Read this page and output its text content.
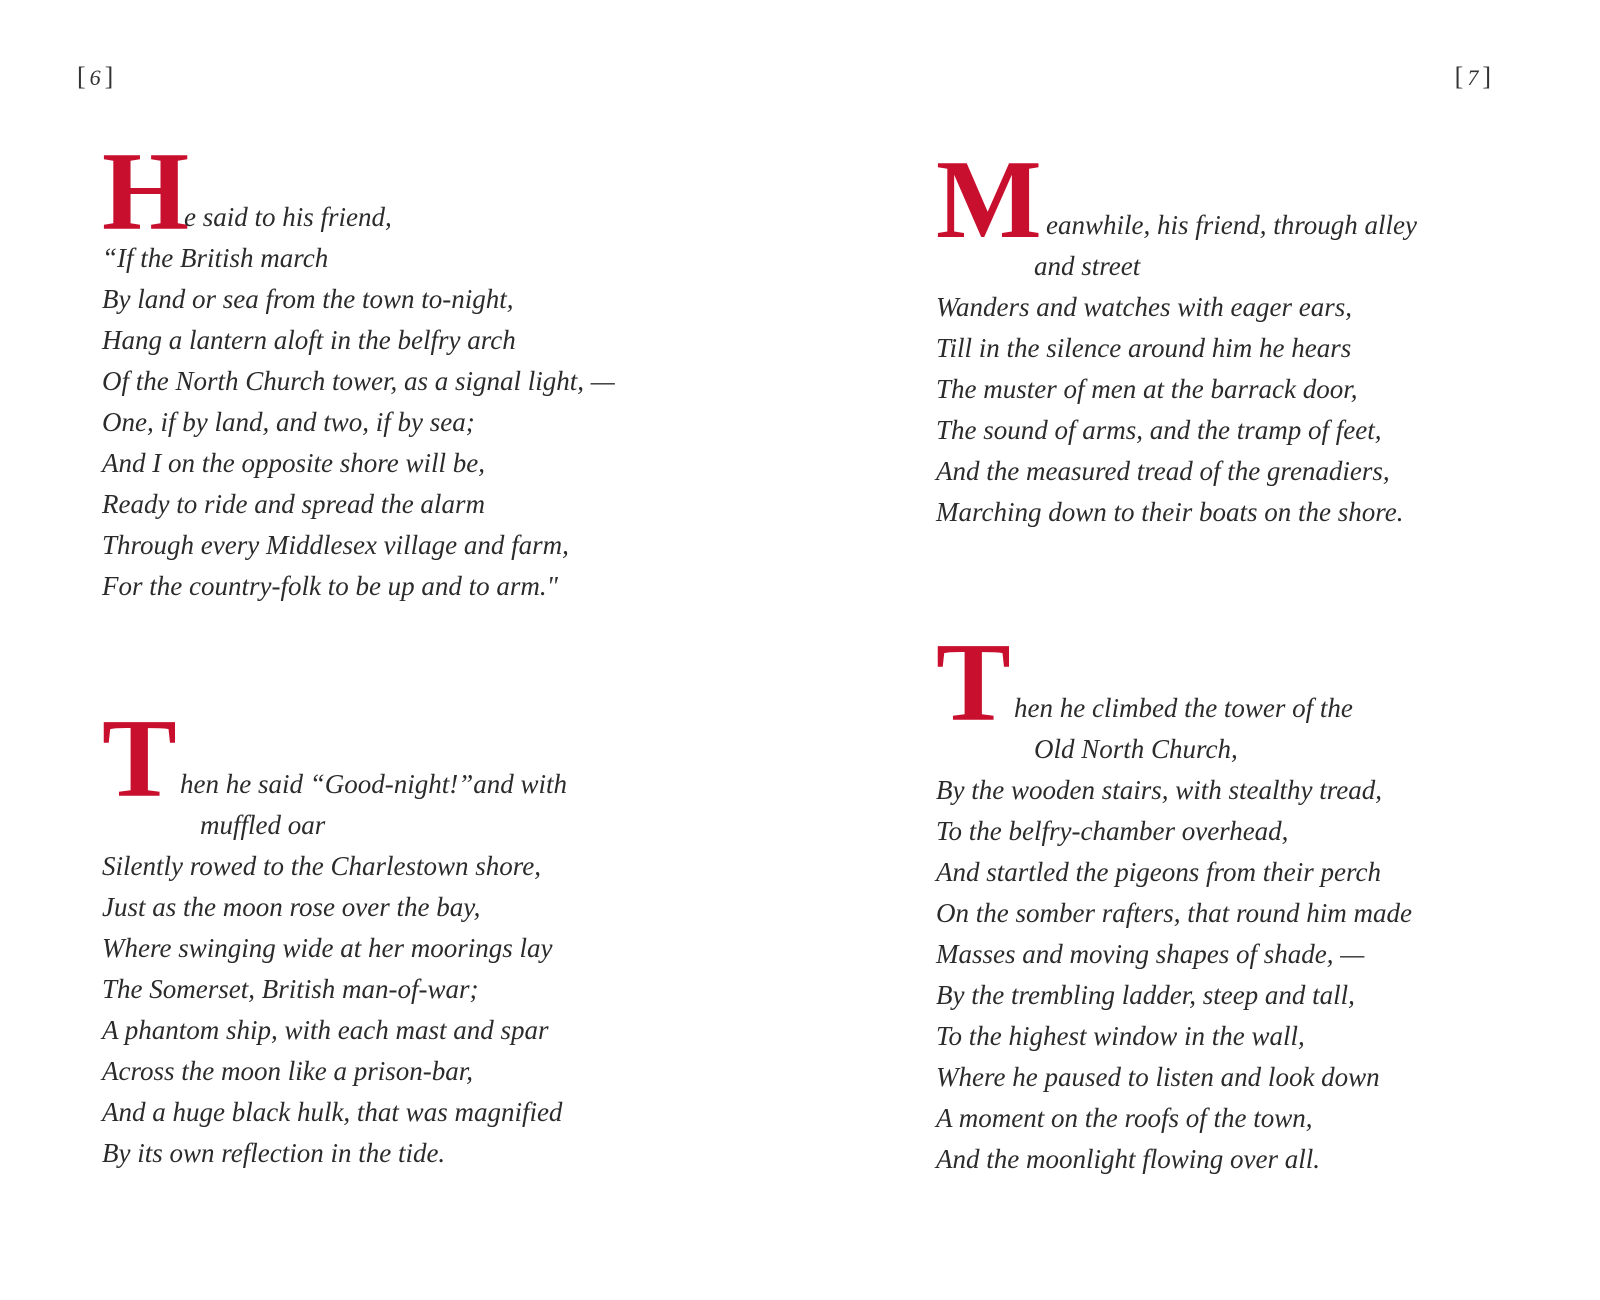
[6]	[7]
H
e said to his friend,
“If the British march
By land or sea from the town to-night,
Hang a lantern aloft in the belfry arch
Of the North Church tower, as a signal light, —
One, if by land, and two, if by sea;
And I on the opposite shore will be,
Ready to ride and spread the alarm
Through every Middlesex village and farm,
For the country-folk to be up and to arm."
T hen he said “Good-night!”and with
muffled oar
Silently rowed to the Charlestown shore,
Just as the moon rose over the bay,
Where swinging wide at her moorings lay
The Somerset, British man-of-war;
A phantom ship, with each mast and spar
Across the moon like a prison-bar,
And a huge black hulk, that was magnified
By its own reflection in the tide.
M eanwhile, his friend, through alley
and street
Wanders and watches with eager ears,
Till in the silence around him he hears
The muster of men at the barrack door,
The sound of arms, and the tramp of feet,
And the measured tread of the grenadiers,
Marching down to their boats on the shore.
T hen he climbed the tower of the
Old North Church,
By the wooden stairs, with stealthy tread,
To the belfry-chamber overhead,
And startled the pigeons from their perch
On the somber rafters, that round him made
Masses and moving shapes of shade, —
By the trembling ladder, steep and tall,
To the highest window in the wall,
Where he paused to listen and look down
A moment on the roofs of the town,
And the moonlight flowing over all.
